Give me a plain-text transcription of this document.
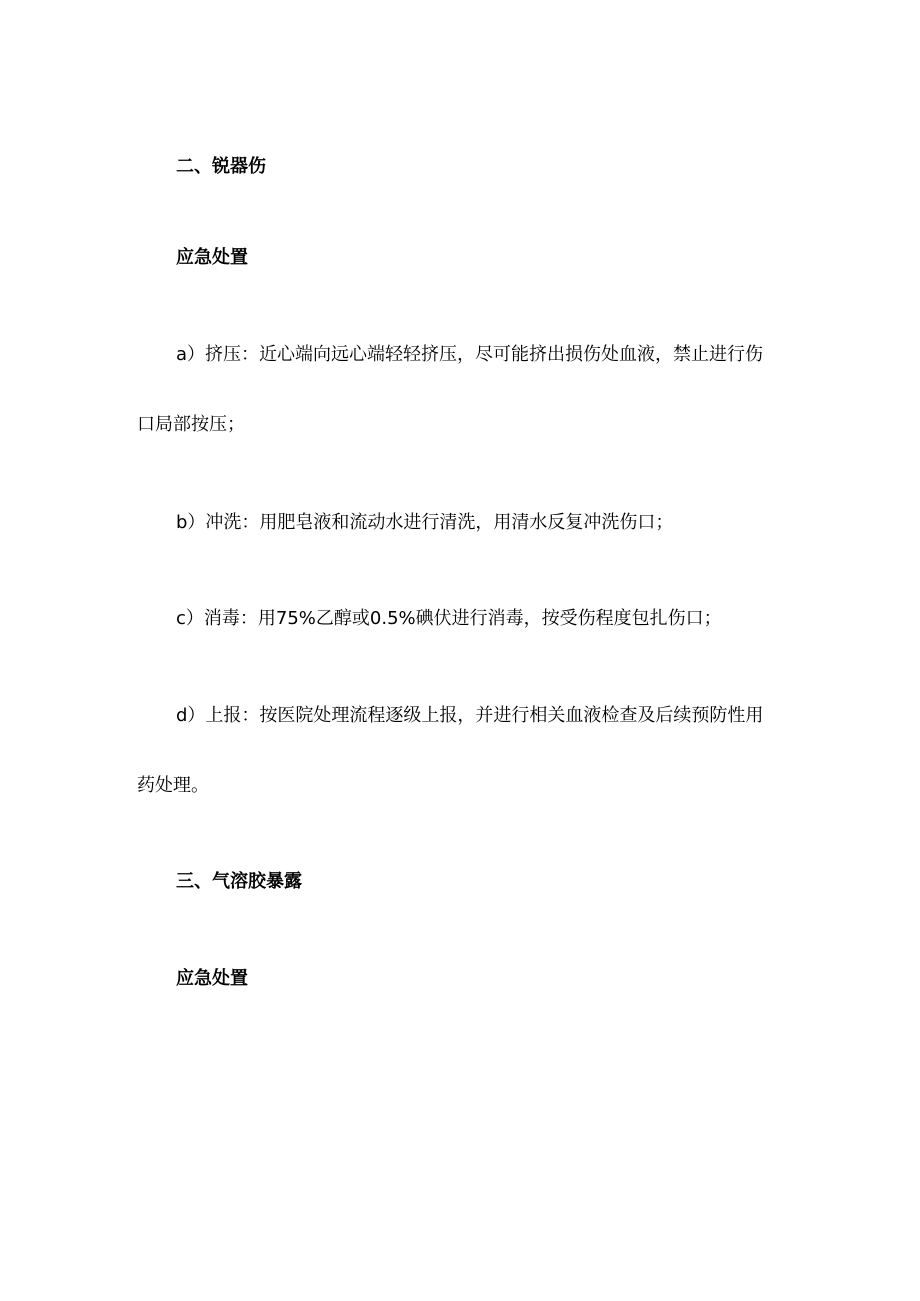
二、锐器伤
应急处置
a）挤压：近心端向远心端轻轻挤压，尽可能挤出损伤处血液，禁止进行伤
口局部按压；
b）冲洗：用肥皂液和流动水进行清洗，用清水反复冲洗伤口；
c）消毒：用75%乙醇或0.5%碘伏进行消毒，按受伤程度包扎伤口；
d）上报：按医院处理流程逐级上报，并进行相关血液检查及后续预防性用
药处理。
三、气溶胶暴露
应急处置
